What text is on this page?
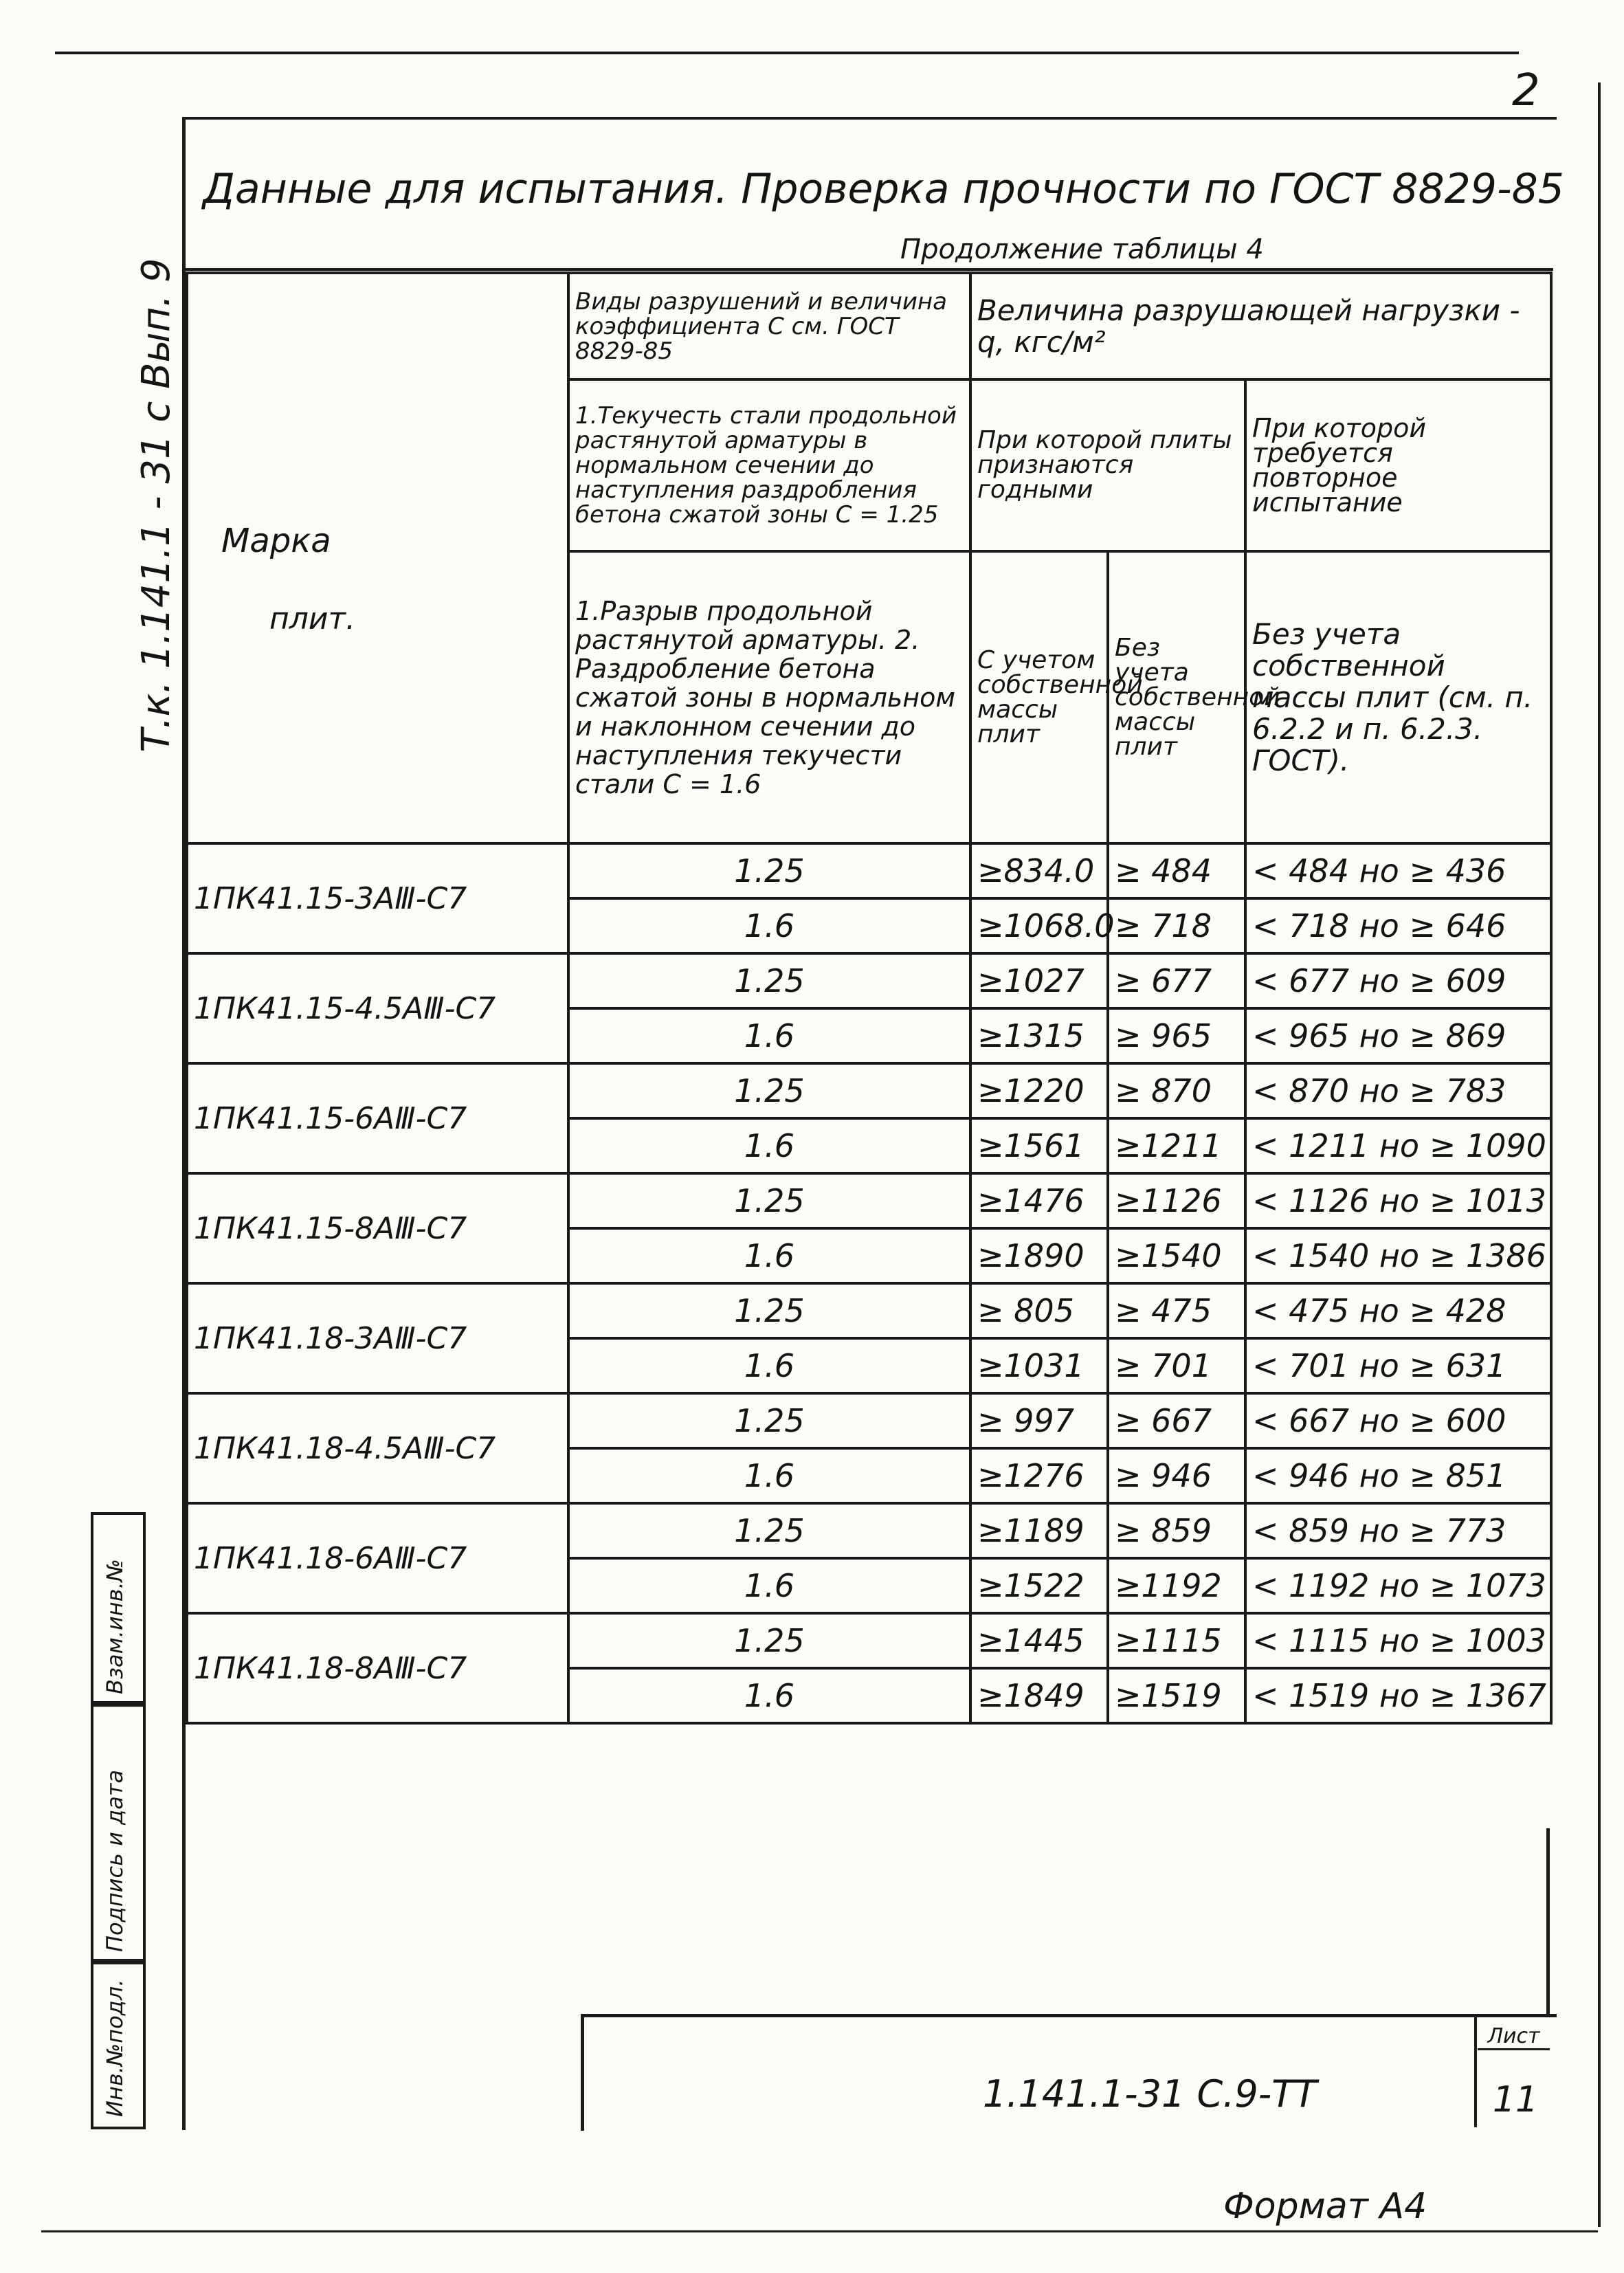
2
Т.к. 1.141.1 - 31 с Вып. 9
Данные для испытания. Проверка прочности по ГОСТ 8829-85
Продолжение таблицы 4
Марка
плит.	Виды разрушений и величина коэффициента С см. ГОСТ 8829-85	Величина разрушающей нагрузки - q, кгс/м²		
	1.Текучесть стали продольной растянутой арматуры в нормальном сечении до наступления раздробления бетона сжатой зоны С = 1.25	При которой плиты признаются годными		При которой требуется повторное испытание
	1.Разрыв продольной растянутой арматуры. 2. Раздробление бетона сжатой зоны в нормальном и наклонном сечении до наступления текучести стали С = 1.6	С учетом собственной массы плит	Без учета собственной массы плит	Без учета собственной массы плит (см. п. 6.2.2 и п. 6.2.3. ГОСТ).
1ПК41.15-3АⅢ-С7	1.25	≥834.0	≥ 484	< 484 но ≥ 436
	1.6	≥1068.0	≥ 718	< 718 но ≥ 646
1ПК41.15-4.5АⅢ-С7	1.25	≥1027	≥ 677	< 677 но ≥ 609
	1.6	≥1315	≥ 965	< 965 но ≥ 869
1ПК41.15-6АⅢ-С7	1.25	≥1220	≥ 870	< 870 но ≥ 783
	1.6	≥1561	≥1211	< 1211 но ≥ 1090
1ПК41.15-8АⅢ-С7	1.25	≥1476	≥1126	< 1126 но ≥ 1013
	1.6	≥1890	≥1540	< 1540 но ≥ 1386
1ПК41.18-3АⅢ-С7	1.25	≥ 805	≥ 475	< 475 но ≥ 428
	1.6	≥1031	≥ 701	< 701 но ≥ 631
1ПК41.18-4.5АⅢ-С7	1.25	≥ 997	≥ 667	< 667 но ≥ 600
	1.6	≥1276	≥ 946	< 946 но ≥ 851
1ПК41.18-6АⅢ-С7	1.25	≥1189	≥ 859	< 859 но ≥ 773
	1.6	≥1522	≥1192	< 1192 но ≥ 1073
1ПК41.18-8АⅢ-С7	1.25	≥1445	≥1115	< 1115 но ≥ 1003
	1.6	≥1849	≥1519	< 1519 но ≥ 1367
1.141.1-31 С.9-ТТ
Лист
11
Инв.№подл.
Подпись и дата
Взам.инв.№
Формат А4
